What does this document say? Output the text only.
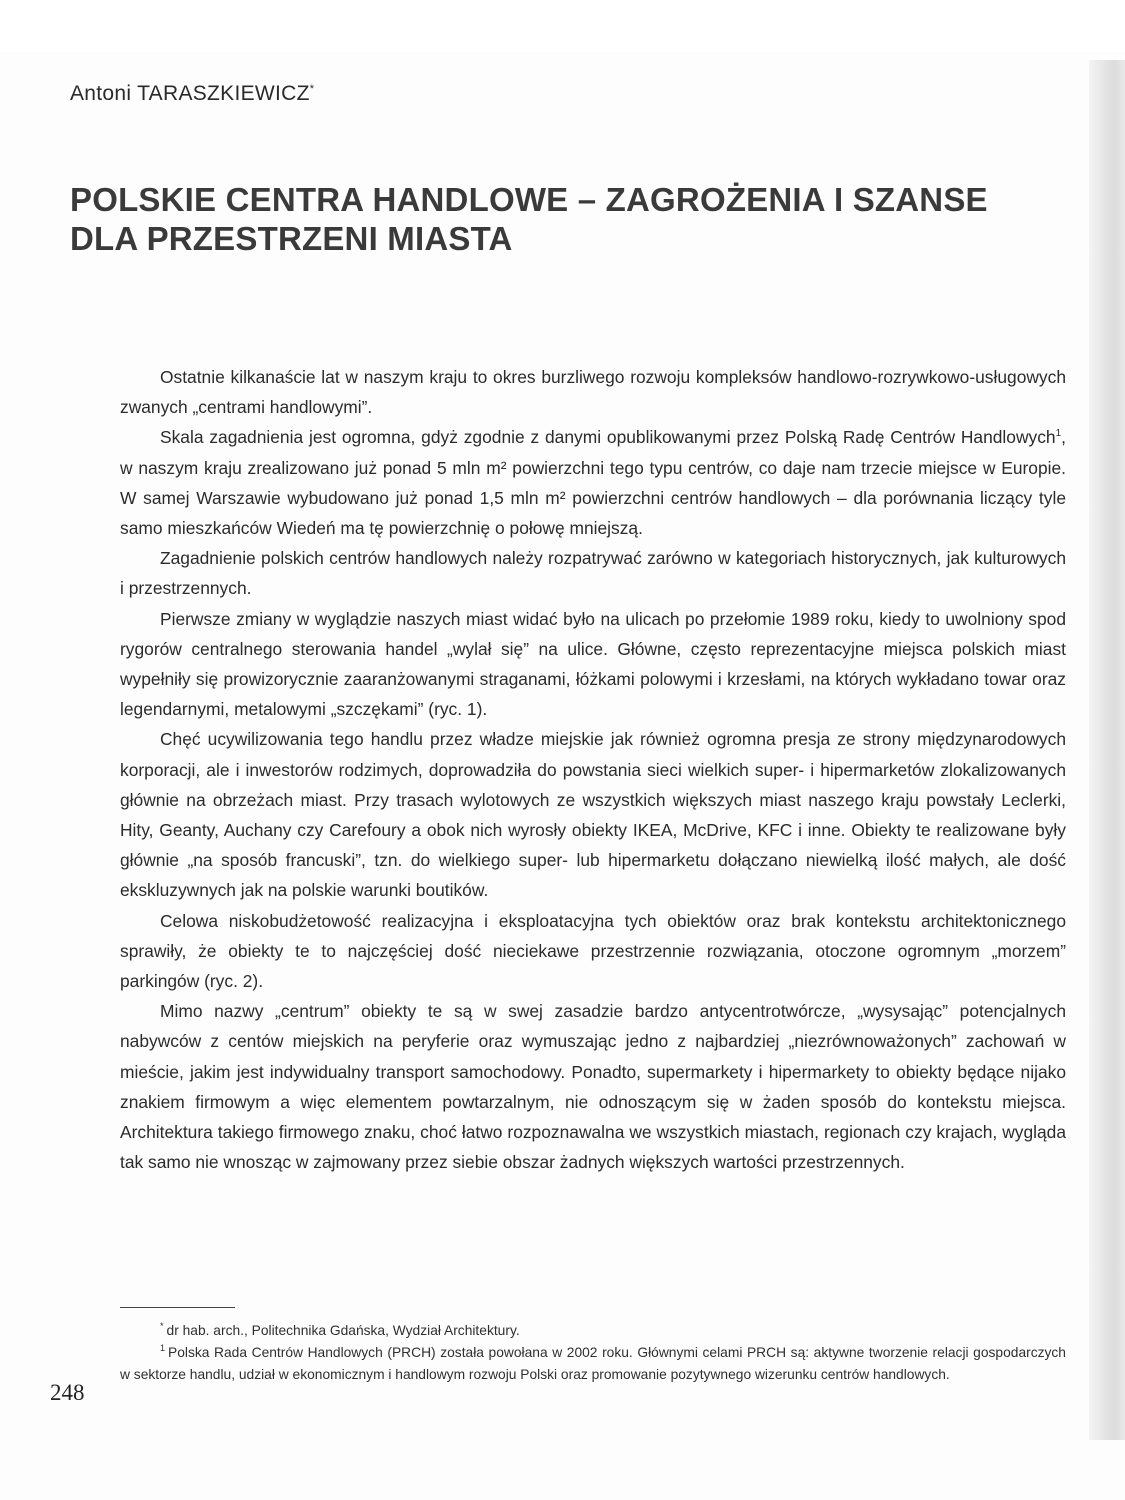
Antoni TARASZKIEWICZ*

POLSKIE CENTRA HANDLOWE – ZAGROŻENIA I SZANSE
DLA PRZESTRZENI MIASTA

Ostatnie kilkanaście lat w naszym kraju to okres burzliwego rozwoju kompleksów handlowo-rozrywkowo-usługowych zwanych „centrami handlowymi”.

Skala zagadnienia jest ogromna, gdyż zgodnie z danymi opublikowanymi przez Polską Radę Centrów Handlowych$^1$, w naszym kraju zrealizowano już ponad 5 mln m² powierzchni tego typu centrów, co daje nam trzecie miejsce w Europie. W samej Warszawie wybudowano już ponad 1,5 mln m² powierzchni centrów handlowych – dla porównania liczący tyle samo mieszkańców Wiedeń ma tę powierzchnię o połowę mniejszą.

Zagadnienie polskich centrów handlowych należy rozpatrywać zarówno w kategoriach historycznych, jak kulturowych i przestrzennych.

Pierwsze zmiany w wyglądzie naszych miast widać było na ulicach po przełomie 1989 roku, kiedy to uwolniony spod rygorów centralnego sterowania handel „wylał się” na ulice. Główne, często reprezentacyjne miejsca polskich miast wypełniły się prowizorycznie zaaranżowanymi straganami, łóżkami polowymi i krzesłami, na których wykładano towar oraz legendarnymi, metalowymi „szczękami” (ryc. 1).

Chęć ucywilizowania tego handlu przez władze miejskie jak również ogromna presja ze strony międzynarodowych korporacji, ale i inwestorów rodzimych, doprowadziła do powstania sieci wielkich super- i hipermarketów zlokalizowanych głównie na obrzeżach miast. Przy trasach wylotowych ze wszystkich większych miast naszego kraju powstały Leclerki, Hity, Geanty, Auchany czy Carefoury a obok nich wyrosły obiekty IKEA, McDrive, KFC i inne. Obiekty te realizowane były głównie „na sposób francuski”, tzn. do wielkiego super- lub hipermarketu dołączano niewielką ilość małych, ale dość ekskluzywnych jak na polskie warunki boutików.

Celowa niskobudżetowość realizacyjna i eksploatacyjna tych obiektów oraz brak kontekstu architektonicznego sprawiły, że obiekty te to najczęściej dość nieciekawe przestrzennie rozwiązania, otoczone ogromnym „morzem” parkingów (ryc. 2).

Mimo nazwy „centrum” obiekty te są w swej zasadzie bardzo antycentrotwórcze, „wysysając” potencjalnych nabywców z centów miejskich na peryferie oraz wymuszając jedno z najbardziej „niezrównoważonych” zachowań w mieście, jakim jest indywidualny transport samochodowy. Ponadto, supermarkety i hipermarkety to obiekty będące nijako znakiem firmowym a więc elementem powtarzalnym, nie odnoszącym się w żaden sposób do kontekstu miejsca. Architektura takiego firmowego znaku, choć łatwo rozpoznawalna we wszystkich miastach, regionach czy krajach, wygląda tak samo nie wnosząc w zajmowany przez siebie obszar żadnych większych wartości przestrzennych.

* dr hab. arch., Politechnika Gdańska, Wydział Architektury.

$^1$ Polska Rada Centrów Handlowych (PRCH) została powołana w 2002 roku. Głównymi celami PRCH są: aktywne tworzenie relacji gospodarczych w sektorze handlu, udział w ekonomicznym i handlowym rozwoju Polski oraz promowanie pozytywnego wizerunku centrów handlowych.

248
